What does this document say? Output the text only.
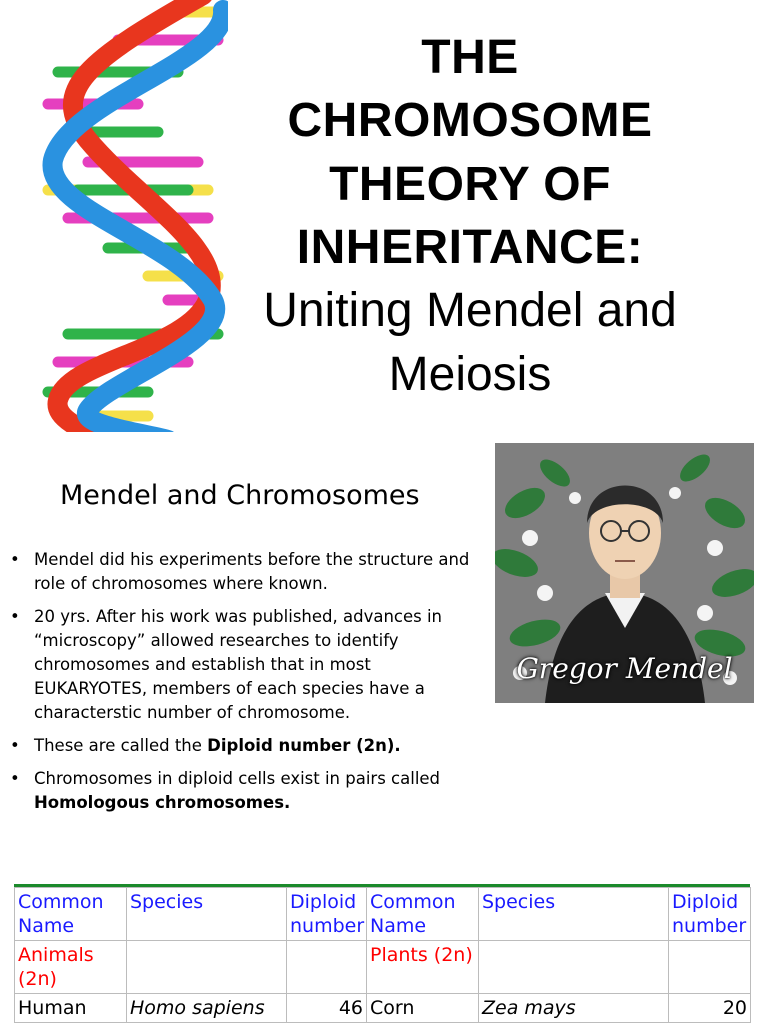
THE
CHROMOSOME
THEORY OF
INHERITANCE:
Uniting Mendel and
Meiosis
Mendel and Chromosomes
• Mendel did his experiments before the structure and role of chromosomes where known.
• 20 yrs. After his work was published, advances in “microscopy” allowed researches to identify chromosomes and establish that in most EUKARYOTES, members of each species have a characterstic number of chromosome.
• These are called the Diploid number (2n).
• Chromosomes in diploid cells exist in pairs called Homologous chromosomes.
Gregor Mendel
Common Name	Species	Diploid number	Common Name	Species	Diploid number
Animals (2n)			Plants (2n)		
Human	Homo sapiens	46	Corn	Zea mays	20
